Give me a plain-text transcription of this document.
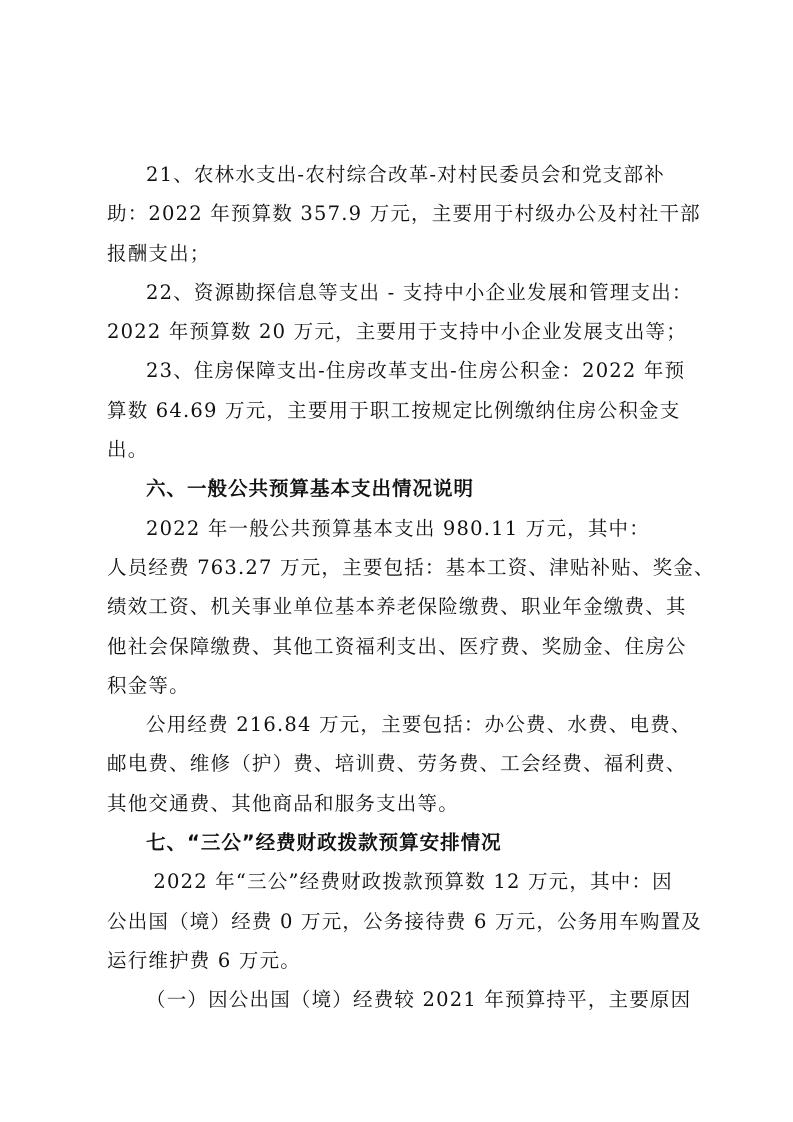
21、农林水支出-农村综合改革-对村民委员会和党支部补
助：2022 年预算数 357.9 万元，主要用于村级办公及村社干部
报酬支出；

22、资源勘探信息等支出 - 支持中小企业发展和管理支出：
2022 年预算数 20 万元，主要用于支持中小企业发展支出等；

23、住房保障支出-住房改革支出-住房公积金：2022 年预
算数 64.69 万元，主要用于职工按规定比例缴纳住房公积金支
出。

六、一般公共预算基本支出情况说明

2022 年一般公共预算基本支出 980.11 万元，其中：

人员经费 763.27 万元，主要包括：基本工资、津贴补贴、奖金、
绩效工资、机关事业单位基本养老保险缴费、职业年金缴费、其
他社会保障缴费、其他工资福利支出、医疗费、奖励金、住房公
积金等。

公用经费 216.84 万元，主要包括：办公费、水费、电费、
邮电费、维修（护）费、培训费、劳务费、工会经费、福利费、
其他交通费、其他商品和服务支出等。

七、“三公”经费财政拨款预算安排情况

2022 年“三公”经费财政拨款预算数 12 万元，其中：因
公出国（境）经费 0 万元，公务接待费 6 万元，公务用车购置及
运行维护费 6 万元。

（一）因公出国（境）经费较 2021 年预算持平，主要原因
